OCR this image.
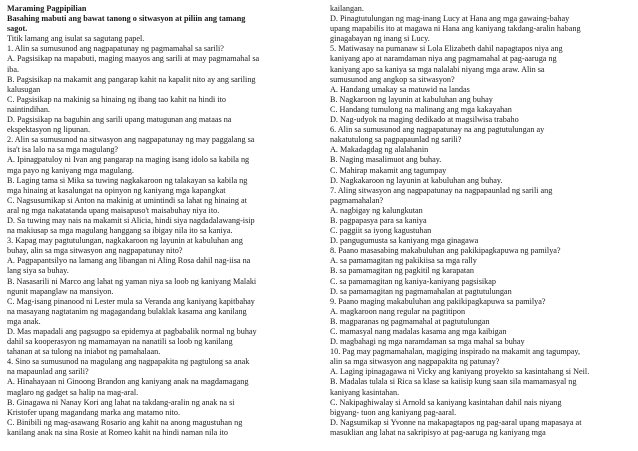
Maraming Pagpipilian
Basahing mabuti ang bawat tanong o sitwasyon at piliin ang tamang
sagot.
Titik lamang ang isulat sa sagutang papel.
1. Alin sa sumusunod ang nagpapatunay ng pagmamahal sa sarili?
A. Pagsisikap na mapabuti, maging maayos ang sarili at may pagmamahal sa
iba.
B. Pagsisikap na makamit ang pangarap kahit na kapalit nito ay ang sariling
kalusugan
C. Pagsisikap na makinig sa hinaing ng ibang tao kahit na hindi ito
naintindihan.
D. Pagsisikap na baguhin ang sarili upang matugunan ang mataas na
ekspektasyon ng lipunan.
2. Alin sa sumusunod na sitwasyon ang nagpapatunay ng may paggalang sa
isa't isa lalo na sa mga magulang?
A. Ipinagpatuloy ni Ivan ang pangarap na maging isang idolo sa kabila ng
mga payo ng kaniyang mga magulang.
B. Laging tama si Mika sa tuwing nagkakaroon ng talakayan sa kabila ng
mga hinaing at kasalungat na opinyon ng kaniyang mga kapangkat
C. Nagsusumikap si Anton na makinig at umintindi sa lahat ng hinaing at
aral ng mga nakatatanda upang maisapuso't maisabuhay niya ito.
D. Sa tuwing may nais na makamit si Alicia, hindi siya nagdadalawang-isip
na makiusap sa mga magulang hanggang sa ibigay nila ito sa kaniya.
3. Kapag may pagtutulungan, nagkakaroon ng layunin at kabuluhan ang
buhay, alin sa mga sitwasyon ang nagpapatunay nito?
A. Pagpapantsilyo na lamang ang libangan ni Aling Rosa dahil nag-iisa na
lang siya sa buhay.
B. Nasasarili ni Marco ang lahat ng yaman niya sa loob ng kaniyang Malaki
ngunit mapanglaw na mansiyon.
C. Mag-isang pinanood ni Lester mula sa Veranda ang kaniyang kapitbahay
na masayang nagtatanim ng magagandang bulaklak kasama ang kanilang
mga anak.
D. Mas mapadali ang pagsugpo sa epidemya at pagbabalik normal ng buhay
dahil sa kooperasyon ng mamamayan na nanatili sa loob ng kanilang
tahanan at sa tulong na iniabot ng pamahalaan.
4. Sino sa sumusunod na magulang ang nagpapakita ng pagtulong sa anak
na mapaunlad ang sarili?
A. Hinahayaan ni Ginoong Brandon ang kaniyang anak na magdamagang
maglaro ng gadget sa halip na mag-aral.
B. Ginagawa ni Nanay Kori ang lahat na takdang-aralin ng anak na si
Kristofer upang magandang marka ang matamo nito.
C. Binibili ng mag-asawang Rosario ang kahit na anong magustuhan ng
kanilang anak na sina Rosie at Romeo kahit na hindi naman nila ito
kailangan.
D. Pinagtutulungan ng mag-inang Lucy at Hana ang mga gawaing-bahay
upang mapabilis ito at magawa ni Hana ang kaniyang takdang-aralin habang
ginagabayan ng inang si Lucy.
5. Matiwasay na pumanaw si Lola Elizabeth dahil napagtapos niya ang
kaniyang apo at naramdaman niya ang pagmamahal at pag-aaruga ng
kaniyang apo sa kaniya sa mga nalalabi niyang mga araw. Alin sa
sumusunod ang angkop sa sitwasyon?
A. Handang umakay sa matuwid na landas
B. Nagkaroon ng layunin at kabuluhan ang buhay
C. Handang tumulong na malinang ang mga kakayahan
D. Nag-udyok na maging dedikado at magsilwisa trabaho
6. Alin sa sumusunod ang nagpapatunay na ang pagtutulungan ay
nakatutulong sa pagpapaunlad ng sarili?
A. Makadagdag ng alalahanin
B. Naging masalimuot ang buhay.
C. Mahirap makamit ang tagumpay
D. Nagkakaroon ng layunin at kabuluhan ang buhay.
7. Aling sitwasyon ang nagpapatunay na nagpapaunlad ng sarili ang
pagmamahalan?
A. nagbigay ng kalungkutan
B. pagpapasya para sa kaniya
C. paggiit sa iyong kagustuhan
D. pangugumusta sa kaniyang mga ginagawa
8. Paano masasabing makabuluhan ang pakikipagkapuwa ng pamilya?
A. sa pamamagitan ng pakikiisa sa mga rally
B. sa pamamagitan ng pagkitil ng karapatan
C. sa pamamagitan ng kaniya-kaniyang pagsisikap
D. sa pamamagitan ng pagmamahalan at pagtutulungan
9. Paano maging makabuluhan ang pakikipagkapuwa sa pamilya?
A. magkaroon nang regular na pagtitipon
B. magparanas ng pagmamahal at pagtutulungan
C. mamasyal nang madalas kasama ang mga kaibigan
D. magbahagi ng mga naramdaman sa mga mahal sa buhay
10. Pag may pagmamahalan, magiging inspirado na makamit ang tagumpay,
alin sa mga sitwasyon ang nagpapakita ng patunay?
A. Laging ipinagagawa ni Vicky ang kaniyang proyekto sa kasintahang si Neil.
B. Madalas tulala si Rica sa klase sa kaiisip kung saan sila mamamasyal ng
kaniyang kasintahan.
C. Nakipaghiwalay si Arnold sa kaniyang kasintahan dahil nais niyang
bigyang- tuon ang kaniyang pag-aaral.
D. Nagsumikap si Yvonne na makapagtapos ng pag-aaral upang mapasaya at
masuklian ang lahat na sakripisyo at pag-aaruga ng kaniyang mga
